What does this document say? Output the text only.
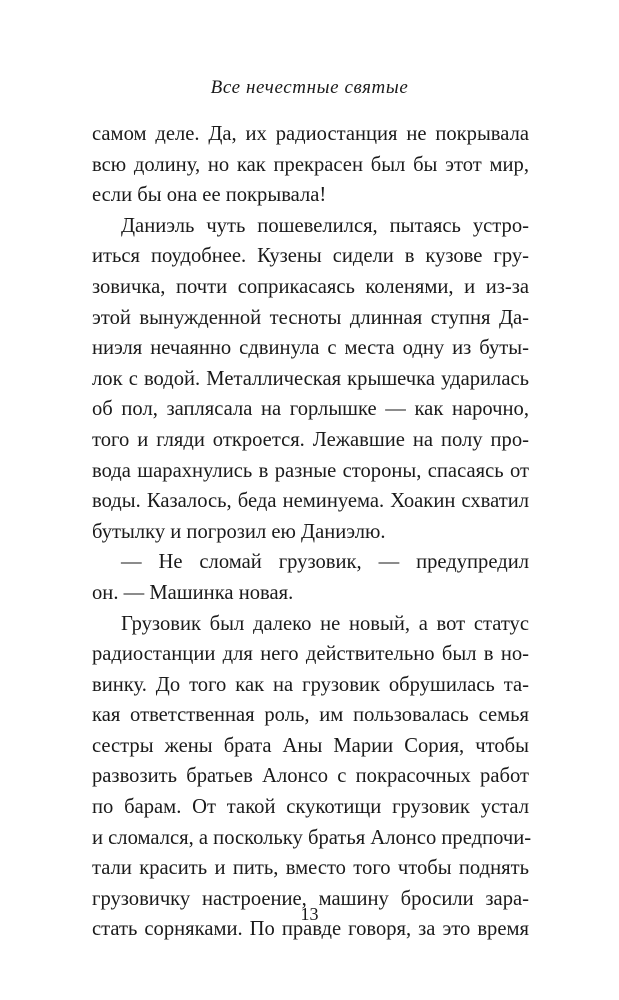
Все нечестные святые
самом деле. Да, их радиостанция не покрывала
всю долину, но как прекрасен был бы этот мир,
если бы она ее покрывала!
Даниэль чуть пошевелился, пытаясь устро-
иться поудобнее. Кузены сидели в кузове гру-
зовичка, почти соприкасаясь коленями, и из-за
этой вынужденной тесноты длинная ступня Да-
ниэля нечаянно сдвинула с места одну из буты-
лок с водой. Металлическая крышечка ударилась
об пол, заплясала на горлышке — как нарочно,
того и гляди откроется. Лежавшие на полу про-
вода шарахнулись в разные стороны, спасаясь от
воды. Казалось, беда неминуема. Хоакин схватил
бутылку и погрозил ею Даниэлю.
— Не сломай грузовик, — предупредил
он. — Машинка новая.
Грузовик был далеко не новый, а вот статус
радиостанции для него действительно был в но-
винку. До того как на грузовик обрушилась та-
кая ответственная роль, им пользовалась семья
сестры жены брата Аны Марии Сория, чтобы
развозить братьев Алонсо с покрасочных работ
по барам. От такой скукотищи грузовик устал
и сломался, а поскольку братья Алонсо предпочи-
тали красить и пить, вместо того чтобы поднять
грузовичку настроение, машину бросили зара-
стать сорняками. По правде говоря, за это время
13
